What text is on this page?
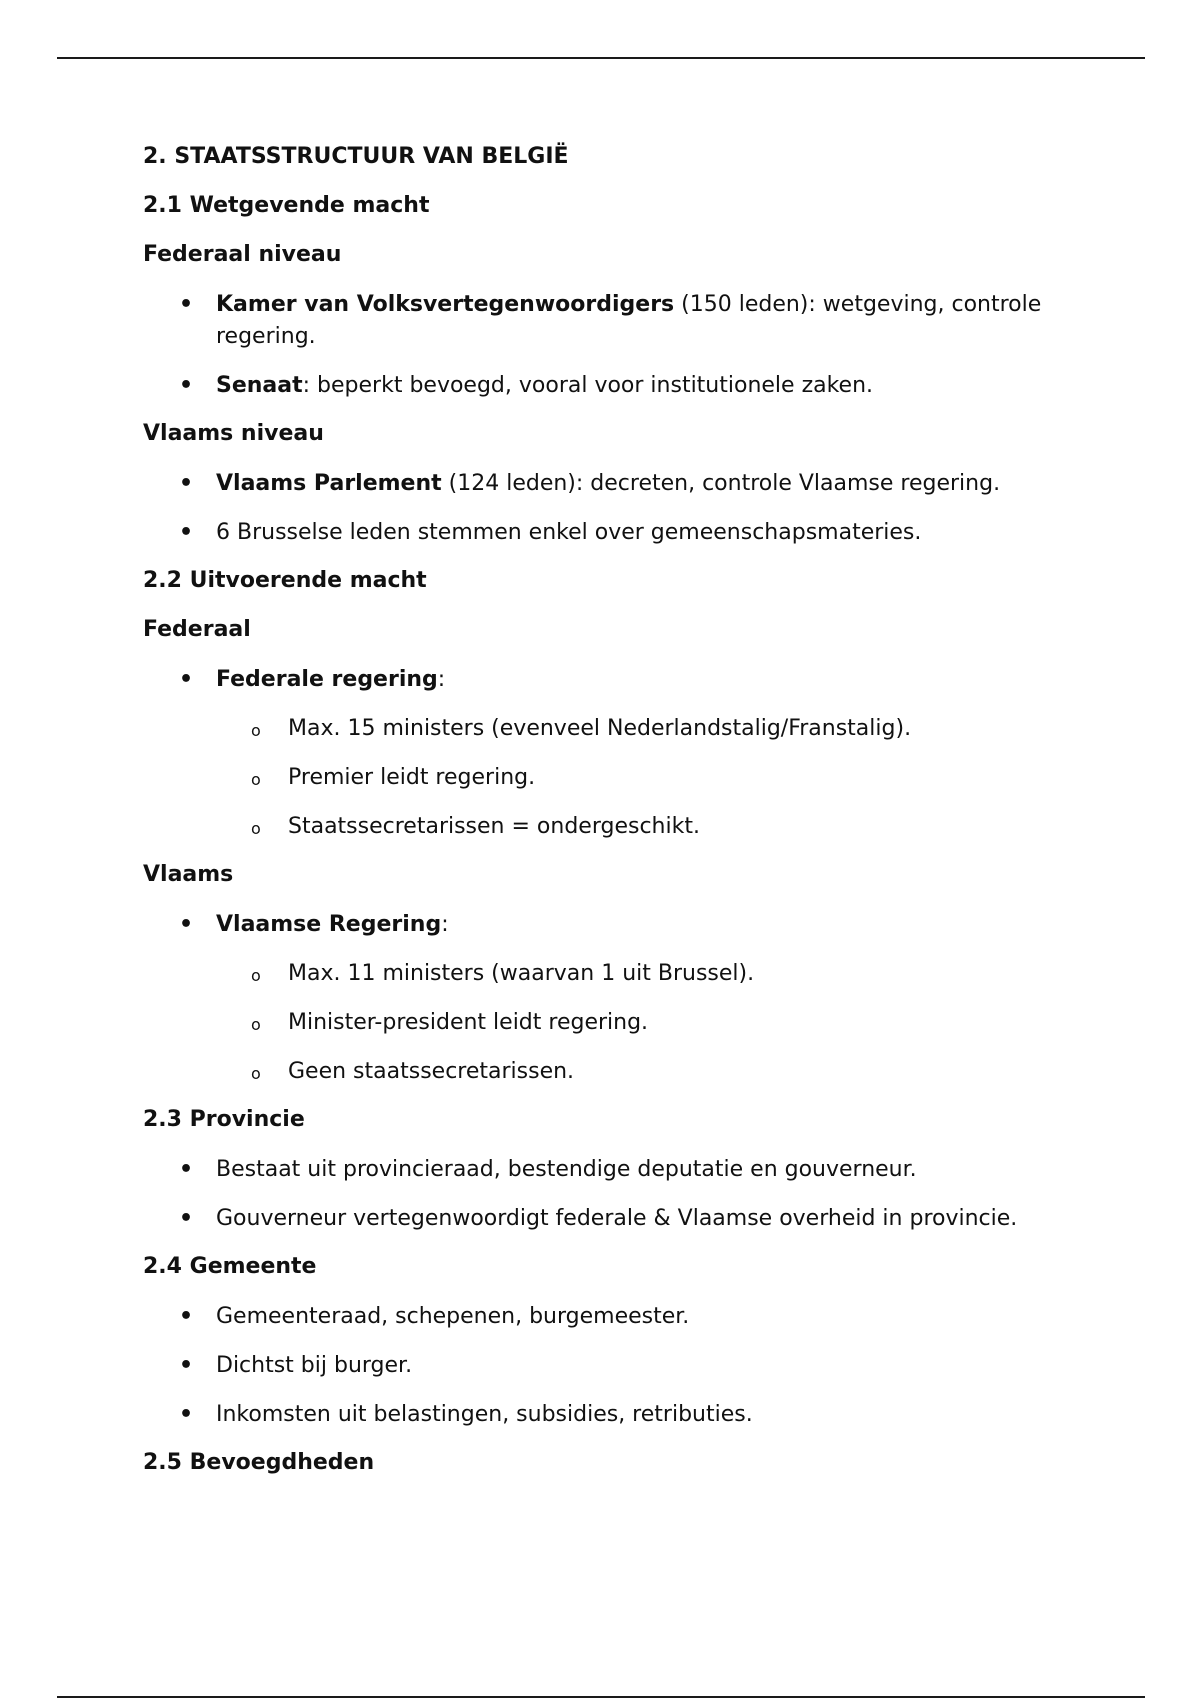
2. STAATSSTRUCTUUR VAN BELGIË
2.1 Wetgevende macht
Federaal niveau
• Kamer van Volksvertegenwoordigers (150 leden): wetgeving, controle regering.
• Senaat: beperkt bevoegd, vooral voor institutionele zaken.
Vlaams niveau
• Vlaams Parlement (124 leden): decreten, controle Vlaamse regering.
• 6 Brusselse leden stemmen enkel over gemeenschapsmateries.
2.2 Uitvoerende macht
Federaal
• Federale regering:
o Max. 15 ministers (evenveel Nederlandstalig/Franstalig).
o Premier leidt regering.
o Staatssecretarissen = ondergeschikt.
Vlaams
• Vlaamse Regering:
o Max. 11 ministers (waarvan 1 uit Brussel).
o Minister-president leidt regering.
o Geen staatssecretarissen.
2.3 Provincie
• Bestaat uit provincieraad, bestendige deputatie en gouverneur.
• Gouverneur vertegenwoordigt federale & Vlaamse overheid in provincie.
2.4 Gemeente
• Gemeenteraad, schepenen, burgemeester.
• Dichtst bij burger.
• Inkomsten uit belastingen, subsidies, retributies.
2.5 Bevoegdheden
